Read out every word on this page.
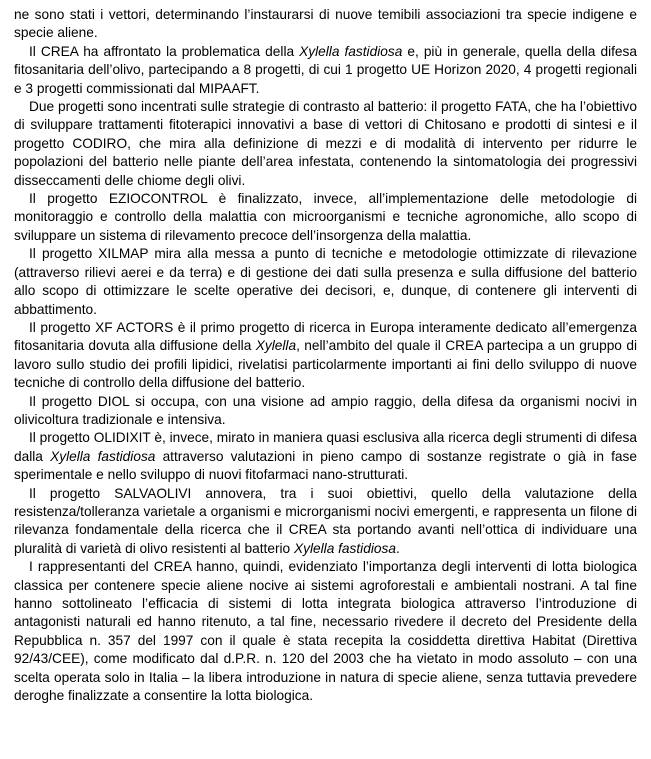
ne sono stati i vettori, determinando l’instaurarsi di nuove temibili associazioni tra specie indigene e specie aliene.

Il CREA ha affrontato la problematica della Xylella fastidiosa e, più in generale, quella della difesa fitosanitaria dell’olivo, partecipando a 8 progetti, di cui 1 progetto UE Horizon 2020, 4 progetti regionali e 3 progetti commissionati dal MIPAAFT.

Due progetti sono incentrati sulle strategie di contrasto al batterio: il progetto FATA, che ha l’obiettivo di sviluppare trattamenti fitoterapici innovativi a base di vettori di Chitosano e prodotti di sintesi e il progetto CODIRO, che mira alla definizione di mezzi e di modalità di intervento per ridurre le popolazioni del batterio nelle piante dell’area infestata, contenendo la sintomatologia dei progressivi disseccamenti delle chiome degli olivi.

Il progetto EZIOCONTROL è finalizzato, invece, all’implementazione delle metodologie di monitoraggio e controllo della malattia con microorganismi e tecniche agronomiche, allo scopo di sviluppare un sistema di rilevamento precoce dell’insorgenza della malattia.

Il progetto XILMAP mira alla messa a punto di tecniche e metodologie ottimizzate di rilevazione (attraverso rilievi aerei e da terra) e di gestione dei dati sulla presenza e sulla diffusione del batterio allo scopo di ottimizzare le scelte operative dei decisori, e, dunque, di contenere gli interventi di abbattimento.

Il progetto XF ACTORS è il primo progetto di ricerca in Europa interamente dedicato all’emergenza fitosanitaria dovuta alla diffusione della Xylella, nell’ambito del quale il CREA partecipa a un gruppo di lavoro sullo studio dei profili lipidici, rivelatisi particolarmente importanti ai fini dello sviluppo di nuove tecniche di controllo della diffusione del batterio.

Il progetto DIOL si occupa, con una visione ad ampio raggio, della difesa da organismi nocivi in olivicoltura tradizionale e intensiva.

Il progetto OLIDIXIT è, invece, mirato in maniera quasi esclusiva alla ricerca degli strumenti di difesa dalla Xylella fastidiosa attraverso valutazioni in pieno campo di sostanze registrate o già in fase sperimentale e nello sviluppo di nuovi fitofarmaci nano-strutturati.

Il progetto SALVAOLIVI annovera, tra i suoi obiettivi, quello della valutazione della resistenza/tolleranza varietale a organismi e microrganismi nocivi emergenti, e rappresenta un filone di rilevanza fondamentale della ricerca che il CREA sta portando avanti nell’ottica di individuare una pluralità di varietà di olivo resistenti al batterio Xylella fastidiosa.

I rappresentanti del CREA hanno, quindi, evidenziato l’importanza degli interventi di lotta biologica classica per contenere specie aliene nocive ai sistemi agroforestali e ambientali nostrani. A tal fine hanno sottolineato l’efficacia di sistemi di lotta integrata biologica attraverso l’introduzione di antagonisti naturali ed hanno ritenuto, a tal fine, necessario rivedere il decreto del Presidente della Repubblica n. 357 del 1997 con il quale è stata recepita la cosiddetta direttiva Habitat (Direttiva 92/43/CEE), come modificato dal d.P.R. n. 120 del 2003 che ha vietato in modo assoluto – con una scelta operata solo in Italia – la libera introduzione in natura di specie aliene, senza tuttavia prevedere deroghe finalizzate a consentire la lotta biologica.
